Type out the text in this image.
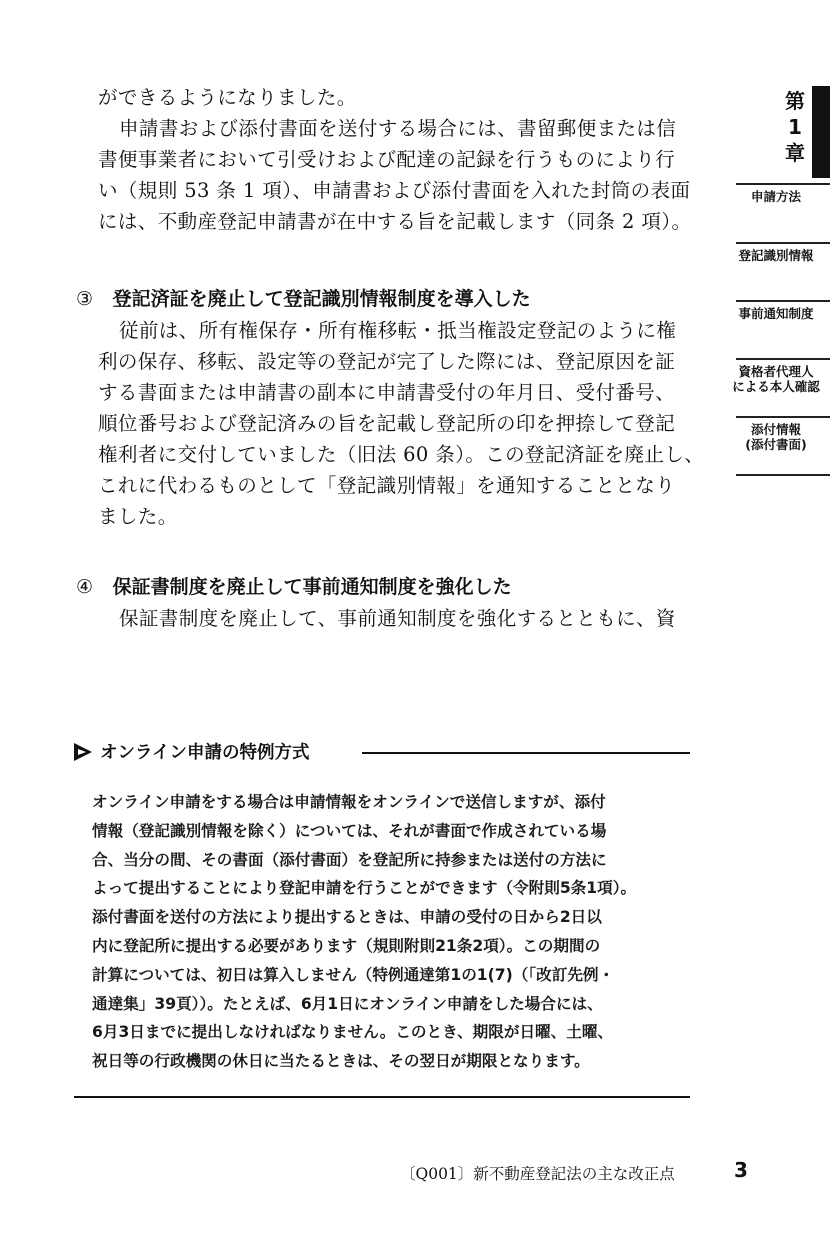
ができるようになりました。
申請書および添付書面を送付する場合には、書留郵便または信
書便事業者において引受けおよび配達の記録を行うものにより行
い（規則 53 条 1 項）、申請書および添付書面を入れた封筒の表面
には、不動産登記申請書が在中する旨を記載します（同条 2 項）。
③ 登記済証を廃止して登記識別情報制度を導入した
従前は、所有権保存・所有権移転・抵当権設定登記のように権
利の保存、移転、設定等の登記が完了した際には、登記原因を証
する書面または申請書の副本に申請書受付の年月日、受付番号、
順位番号および登記済みの旨を記載し登記所の印を押捺して登記
権利者に交付していました（旧法 60 条）。この登記済証を廃止し、
これに代わるものとして「登記識別情報」を通知することとなり
ました。
④ 保証書制度を廃止して事前通知制度を強化した
保証書制度を廃止して、事前通知制度を強化するとともに、資
第
1
章
申請方法
登記識別情報
事前通知制度
資格者代理人
による本人確認
添付情報
(添付書面)
オンライン申請の特例方式
オンライン申請をする場合は申請情報をオンラインで送信しますが、添付
情報（登記識別情報を除く）については、それが書面で作成されている場
合、当分の間、その書面（添付書面）を登記所に持参または送付の方法に
よって提出することにより登記申請を行うことができます（令附則5条1項）。
添付書面を送付の方法により提出するときは、申請の受付の日から2日以
内に登記所に提出する必要があります（規則附則21条2項）。この期間の
計算については、初日は算入しません（特例通達第1の1(7)（「改訂先例・
通達集」39頁））。たとえば、6月1日にオンライン申請をした場合には、
6月3日までに提出しなければなりません。このとき、期限が日曜、土曜、
祝日等の行政機関の休日に当たるときは、その翌日が期限となります。
〔Q001〕新不動産登記法の主な改正点	3
